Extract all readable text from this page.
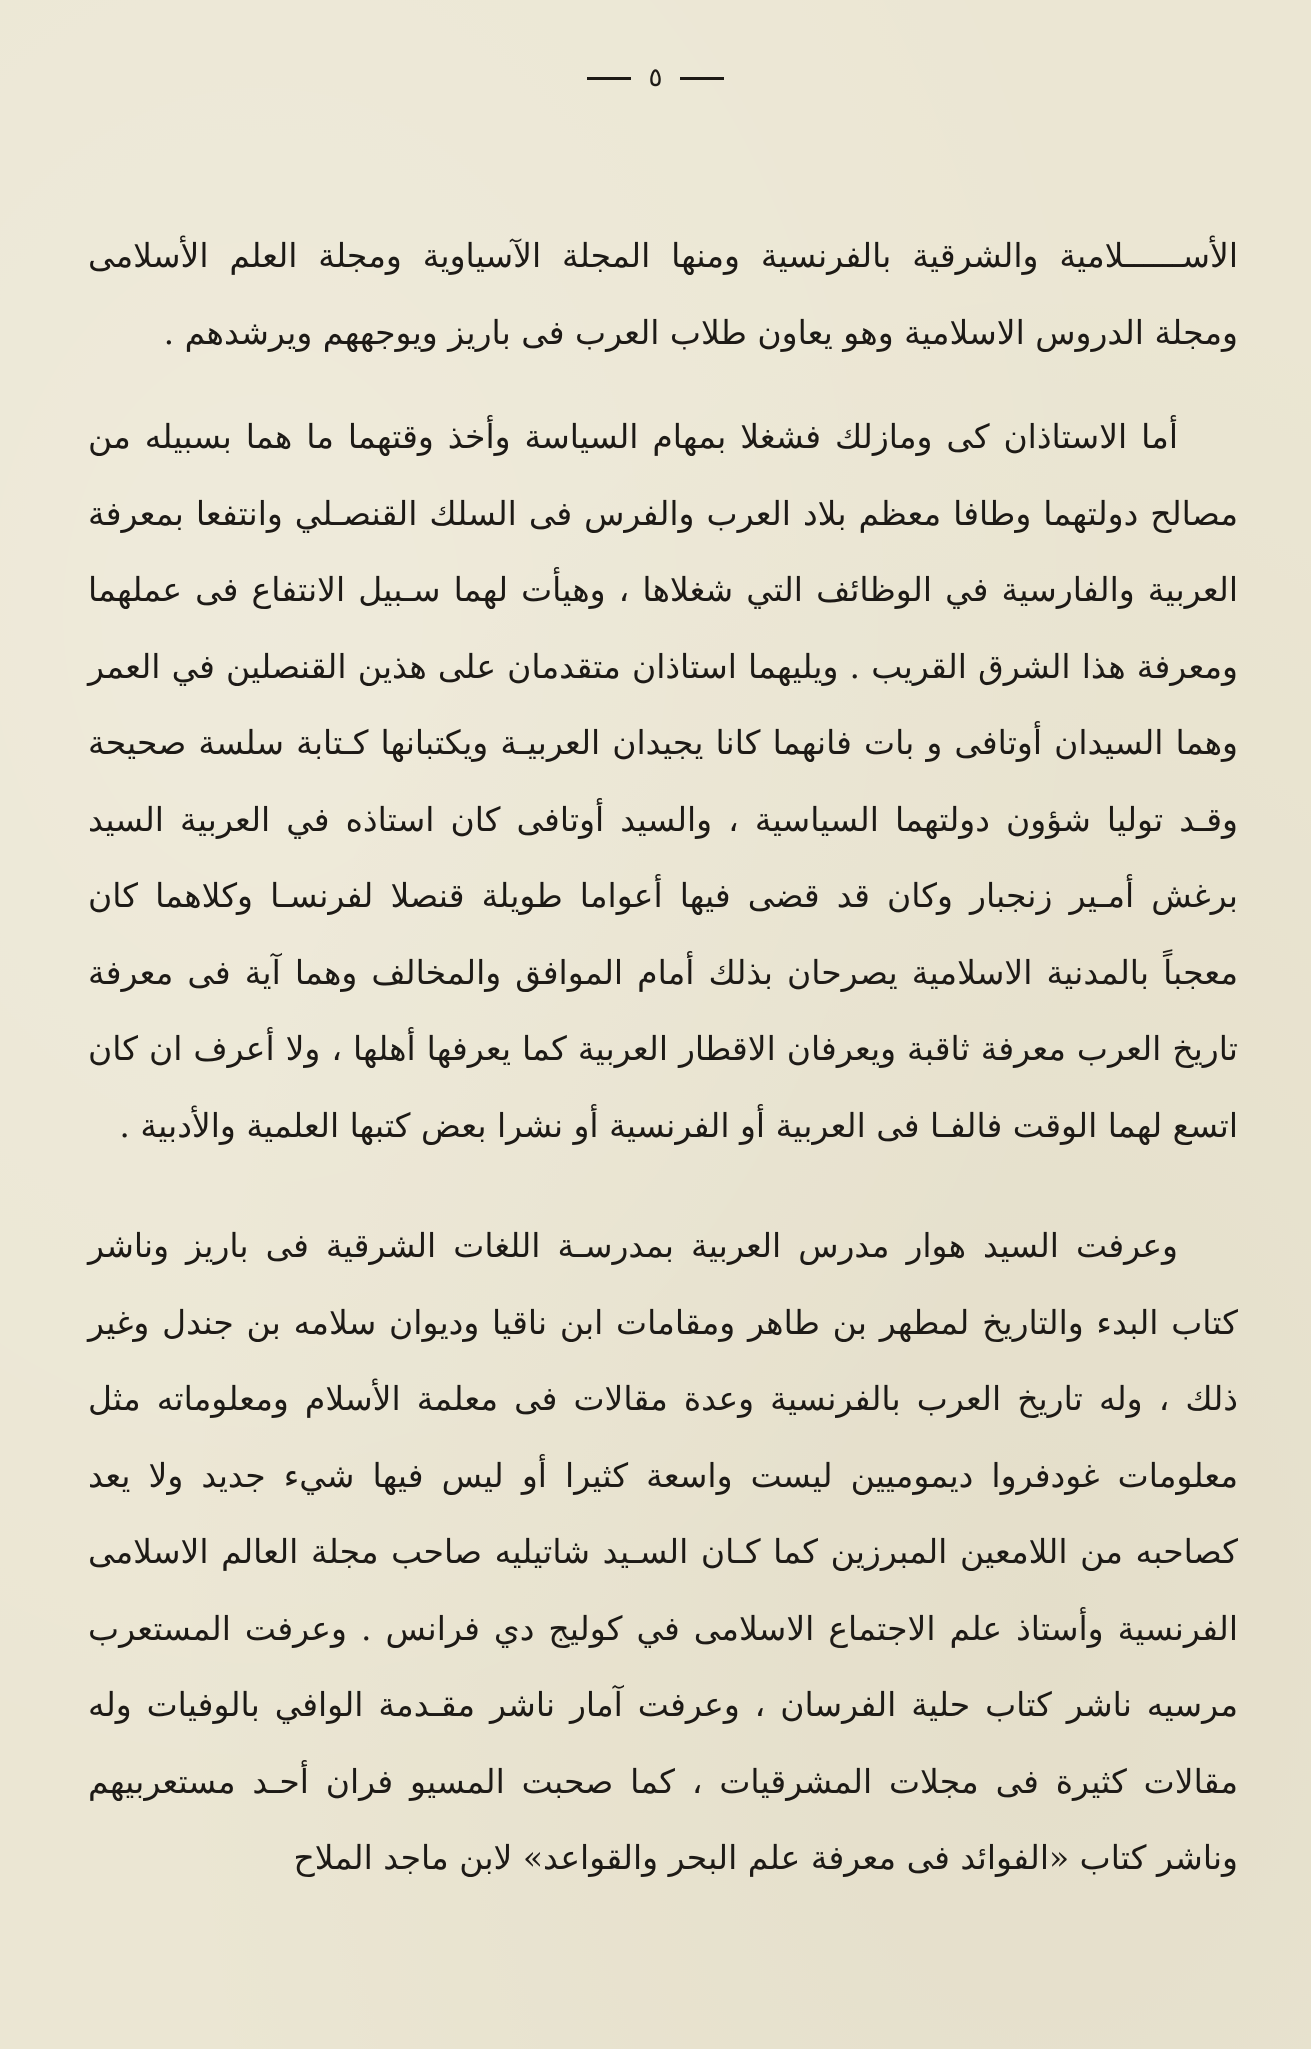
٥

الأســــــلامية والشرقية بالفرنسية ومنها المجلة الآسياوية ومجلة العلم الأسلامى ومجلة الدروس الاسلامية وهو يعاون طلاب العرب فى باريز ويوجههم ويرشدهم .

أما الاستاذان كى ومازلك فشغلا بمهام السياسة وأخذ وقتهما ما هما بسبيله من مصالح دولتهما وطافا معظم بلاد العرب والفرس فى السلك القنصـلي وانتفعا بمعرفة العربية والفارسية في الوظائف التي شغلاها ، وهيأت لهما سـبيل الانتفاع فى عملهما ومعرفة هذا الشرق القريب . ويليهما استاذان متقدمان على هذين القنصلين في العمر وهما السيدان أوتافى و بات فانهما كانا يجيدان العربيـة ويكتبانها كـتابة سلسة صحيحة وقـد توليا شؤون دولتهما السياسية ، والسيد أوتافى كان استاذه في العربية السيد برغش أمـير زنجبار وكان قد قضى فيها أعواما طويلة قنصلا لفرنسـا وكلاهما كان معجباً بالمدنية الاسلامية يصرحان بذلك أمام الموافق والمخالف وهما آية فى معرفة تاريخ العرب معرفة ثاقبة ويعرفان الاقطار العربية كما يعرفها أهلها ، ولا أعرف ان كان اتسع لهما الوقت فالفـا فى العربية أو الفرنسية أو نشرا بعض كتبها العلمية والأدبية .

وعرفت السيد هوار مدرس العربية بمدرسـة اللغات الشرقية فى باريز وناشر كتاب البدء والتاريخ لمطهر بن طاهر ومقامات ابن ناقيا وديوان سلامه بن جندل وغير ذلك ، وله تاريخ العرب بالفرنسية وعدة مقالات فى معلمة الأسلام ومعلوماته مثل معلومات غودفروا ديموميين ليست واسعة كثيرا أو ليس فيها شيء جديد ولا يعد كصاحبه من اللامعين المبرزين كما كـان السـيد شاتيليه صاحب مجلة العالم الاسلامى الفرنسية وأستاذ علم الاجتماع الاسلامى في كوليج دي فرانس . وعرفت المستعرب مرسيه ناشر كتاب حلية الفرسان ، وعرفت آمار ناشر مقـدمة الوافي بالوفيات وله مقالات كثيرة فى مجلات المشرقيات ، كما صحبت المسيو فران أحـد مستعربيهم وناشر كتاب «الفوائد فى معرفة علم البحر والقواعد» لابن ماجد الملاح
